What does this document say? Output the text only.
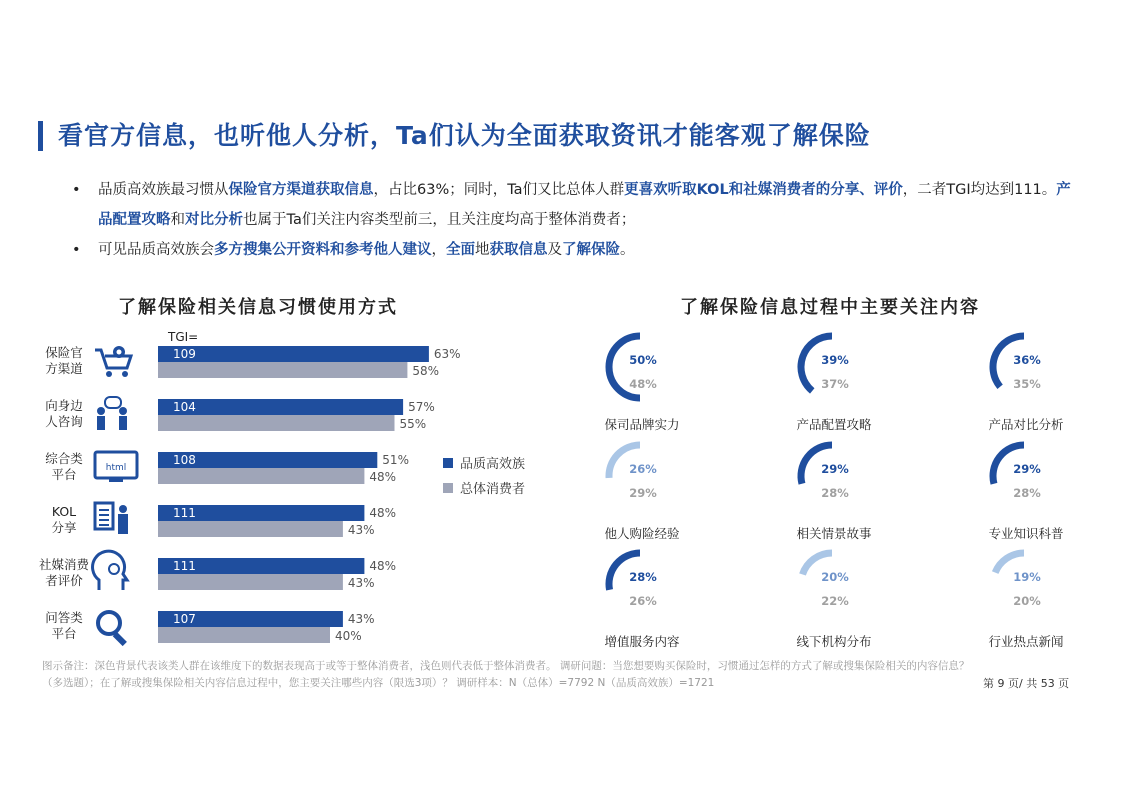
看官方信息，也听他人分析，Ta们认为全面获取资讯才能客观了解保险
• 品质高效族最习惯从保险官方渠道获取信息，占比63%；同时，Ta们又比总体人群更喜欢听取KOL和社媒消费者的分享、评价，二者TGI均达到111。产品配置攻略和对比分析也属于Ta们关注内容类型前三，且关注度均高于整体消费者；
• 可见品质高效族会多方搜集公开资料和参考他人建议，全面地获取信息及了解保险。
了解保险相关信息习惯使用方式	了解保险信息过程中主要关注内容
TGI=
保险官
方渠道
109	63%
58%
向身边
人咨询
104	57%
55%
综合类
平台	html
108	51%
48%
KOL
分享
111	48%
43%
社媒消费
者评价
111	48%
43%
问答类
平台
107	43%
40%
品质高效族
总体消费者
50%
48%
保司品牌实力
39%
37%
产品配置攻略
36%
35%
产品对比分析
26%
29%
他人购险经验
29%
28%
相关情景故事
29%
28%
专业知识科普
28%
26%
增值服务内容
20%
22%
线下机构分布
19%
20%
行业热点新闻
图示备注：深色背景代表该类人群在该维度下的数据表现高于或等于整体消费者，浅色则代表低于整体消费者。 调研问题：当您想要购买保险时，习惯通过怎样的方式了解或搜集保险相关的内容信息？（多选题）；在了解或搜集保险相关内容信息过程中，您主要关注哪些内容（限选3项）？ 调研样本：N（总体）=7792 N（品质高效族）=1721	第 9 页/ 共 53 页
